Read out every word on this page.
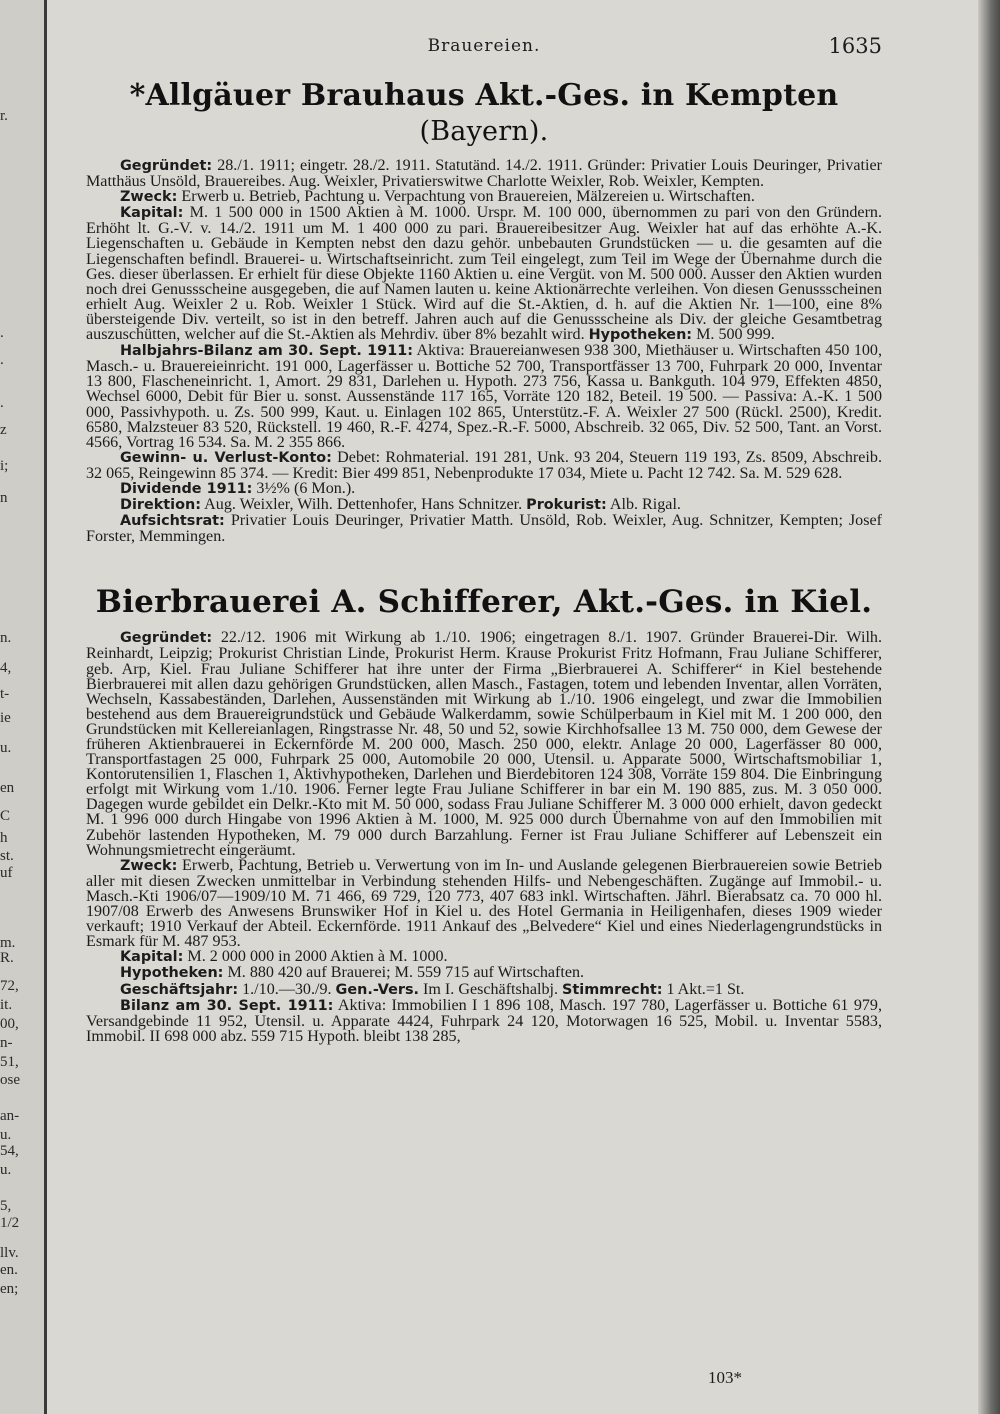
r.
.
.
.
z
i;
n
n.
4,
t-
ie
u.
en
C
h
st.
uf
m.
R.
72,
it.
00,
n-
51,
ose
an-
u.
54,
u.
5,
1/2
llv.
en.
en;
Brauereien.	1635
*Allgäuer Brauhaus Akt.-Ges. in Kempten (Bayern).

Gegründet: 28./1. 1911; eingetr. 28./2. 1911. Statutänd. 14./2. 1911. Gründer: Privatier Louis Deuringer, Privatier Matthäus Unsöld, Brauereibes. Aug. Weixler, Privatierswitwe Charlotte Weixler, Rob. Weixler, Kempten.

Zweck: Erwerb u. Betrieb, Pachtung u. Verpachtung von Brauereien, Mälzereien u. Wirtschaften.

Kapital: M. 1 500 000 in 1500 Aktien à M. 1000. Urspr. M. 100 000, übernommen zu pari von den Gründern. Erhöht lt. G.-V. v. 14./2. 1911 um M. 1 400 000 zu pari. Brauereibesitzer Aug. Weixler hat auf das erhöhte A.-K. Liegenschaften u. Gebäude in Kempten nebst den dazu gehör. unbebauten Grundstücken — u. die gesamten auf die Liegenschaften befindl. Brauerei- u. Wirtschaftseinricht. zum Teil eingelegt, zum Teil im Wege der Übernahme durch die Ges. dieser überlassen. Er erhielt für diese Objekte 1160 Aktien u. eine Vergüt. von M. 500 000. Ausser den Aktien wurden noch drei Genussscheine ausgegeben, die auf Namen lauten u. keine Aktionärrechte verleihen. Von diesen Genussscheinen erhielt Aug. Weixler 2 u. Rob. Weixler 1 Stück. Wird auf die St.-Aktien, d. h. auf die Aktien Nr. 1—100, eine 8% übersteigende Div. verteilt, so ist in den betreff. Jahren auch auf die Genussscheine als Div. der gleiche Gesamtbetrag auszuschütten, welcher auf die St.-Aktien als Mehrdiv. über 8% bezahlt wird. Hypotheken: M. 500 999.

Halbjahrs-Bilanz am 30. Sept. 1911: Aktiva: Brauereianwesen 938 300, Miethäuser u. Wirtschaften 450 100, Masch.- u. Brauereieinricht. 191 000, Lagerfässer u. Bottiche 52 700, Transportfässer 13 700, Fuhrpark 20 000, Inventar 13 800, Flascheneinricht. 1, Amort. 29 831, Darlehen u. Hypoth. 273 756, Kassa u. Bankguth. 104 979, Effekten 4850, Wechsel 6000, Debit für Bier u. sonst. Aussenstände 117 165, Vorräte 120 182, Beteil. 19 500. — Passiva: A.-K. 1 500 000, Passivhypoth. u. Zs. 500 999, Kaut. u. Einlagen 102 865, Unterstütz.-F. A. Weixler 27 500 (Rückl. 2500), Kredit. 6580, Malzsteuer 83 520, Rückstell. 19 460, R.-F. 4274, Spez.-R.-F. 5000, Abschreib. 32 065, Div. 52 500, Tant. an Vorst. 4566, Vortrag 16 534. Sa. M. 2 355 866.

Gewinn- u. Verlust-Konto: Debet: Rohmaterial. 191 281, Unk. 93 204, Steuern 119 193, Zs. 8509, Abschreib. 32 065, Reingewinn 85 374. — Kredit: Bier 499 851, Nebenprodukte 17 034, Miete u. Pacht 12 742. Sa. M. 529 628.

Dividende 1911: 3½% (6 Mon.).

Direktion: Aug. Weixler, Wilh. Dettenhofer, Hans Schnitzer. Prokurist: Alb. Rigal.

Aufsichtsrat: Privatier Louis Deuringer, Privatier Matth. Unsöld, Rob. Weixler, Aug. Schnitzer, Kempten; Josef Forster, Memmingen.

Bierbrauerei A. Schifferer, Akt.-Ges. in Kiel.

Gegründet: 22./12. 1906 mit Wirkung ab 1./10. 1906; eingetragen 8./1. 1907. Gründer Brauerei-Dir. Wilh. Reinhardt, Leipzig; Prokurist Christian Linde, Prokurist Herm. Krause Prokurist Fritz Hofmann, Frau Juliane Schifferer, geb. Arp, Kiel. Frau Juliane Schifferer hat ihre unter der Firma „Bierbrauerei A. Schifferer“ in Kiel bestehende Bierbrauerei mit allen dazu gehörigen Grundstücken, allen Masch., Fastagen, totem und lebenden Inventar, allen Vorräten, Wechseln, Kassabeständen, Darlehen, Aussenständen mit Wirkung ab 1./10. 1906 eingelegt, und zwar die Immobilien bestehend aus dem Brauereigrundstück und Gebäude Walkerdamm, sowie Schülperbaum in Kiel mit M. 1 200 000, den Grundstücken mit Kellereianlagen, Ringstrasse Nr. 48, 50 und 52, sowie Kirchhofsallee 13 M. 750 000, dem Gewese der früheren Aktienbrauerei in Eckernförde M. 200 000, Masch. 250 000, elektr. Anlage 20 000, Lagerfässer 80 000, Transportfastagen 25 000, Fuhrpark 25 000, Automobile 20 000, Utensil. u. Apparate 5000, Wirtschaftsmobiliar 1, Kontorutensilien 1, Flaschen 1, Aktivhypotheken, Darlehen und Bierdebitoren 124 308, Vorräte 159 804. Die Einbringung erfolgt mit Wirkung vom 1./10. 1906. Ferner legte Frau Juliane Schifferer in bar ein M. 190 885, zus. M. 3 050 000. Dagegen wurde gebildet ein Delkr.-Kto mit M. 50 000, sodass Frau Juliane Schifferer M. 3 000 000 erhielt, davon gedeckt M. 1 996 000 durch Hingabe von 1996 Aktien à M. 1000, M. 925 000 durch Übernahme von auf den Immobilien mit Zubehör lastenden Hypotheken, M. 79 000 durch Barzahlung. Ferner ist Frau Juliane Schifferer auf Lebenszeit ein Wohnungsmietrecht eingeräumt.

Zweck: Erwerb, Pachtung, Betrieb u. Verwertung von im In- und Auslande gelegenen Bierbrauereien sowie Betrieb aller mit diesen Zwecken unmittelbar in Verbindung stehenden Hilfs- und Nebengeschäften. Zugänge auf Immobil.- u. Masch.-Kti 1906/07—1909/10 M. 71 466, 69 729, 120 773, 407 683 inkl. Wirtschaften. Jährl. Bierabsatz ca. 70 000 hl. 1907/08 Erwerb des Anwesens Brunswiker Hof in Kiel u. des Hotel Germania in Heiligenhafen, dieses 1909 wieder verkauft; 1910 Verkauf der Abteil. Eckernförde. 1911 Ankauf des „Belvedere“ Kiel und eines Niederlagengrundstücks in Esmark für M. 487 953.

Kapital: M. 2 000 000 in 2000 Aktien à M. 1000.

Hypotheken: M. 880 420 auf Brauerei; M. 559 715 auf Wirtschaften.

Geschäftsjahr: 1./10.—30./9. Gen.-Vers. Im I. Geschäftshalbj. Stimmrecht: 1 Akt.=1 St.

Bilanz am 30. Sept. 1911: Aktiva: Immobilien I 1 896 108, Masch. 197 780, Lagerfässer u. Bottiche 61 979, Versandgebinde 11 952, Utensil. u. Apparate 4424, Fuhrpark 24 120, Motorwagen 16 525, Mobil. u. Inventar 5583, Immobil. II 698 000 abz. 559 715 Hypoth. bleibt 138 285,

103*
